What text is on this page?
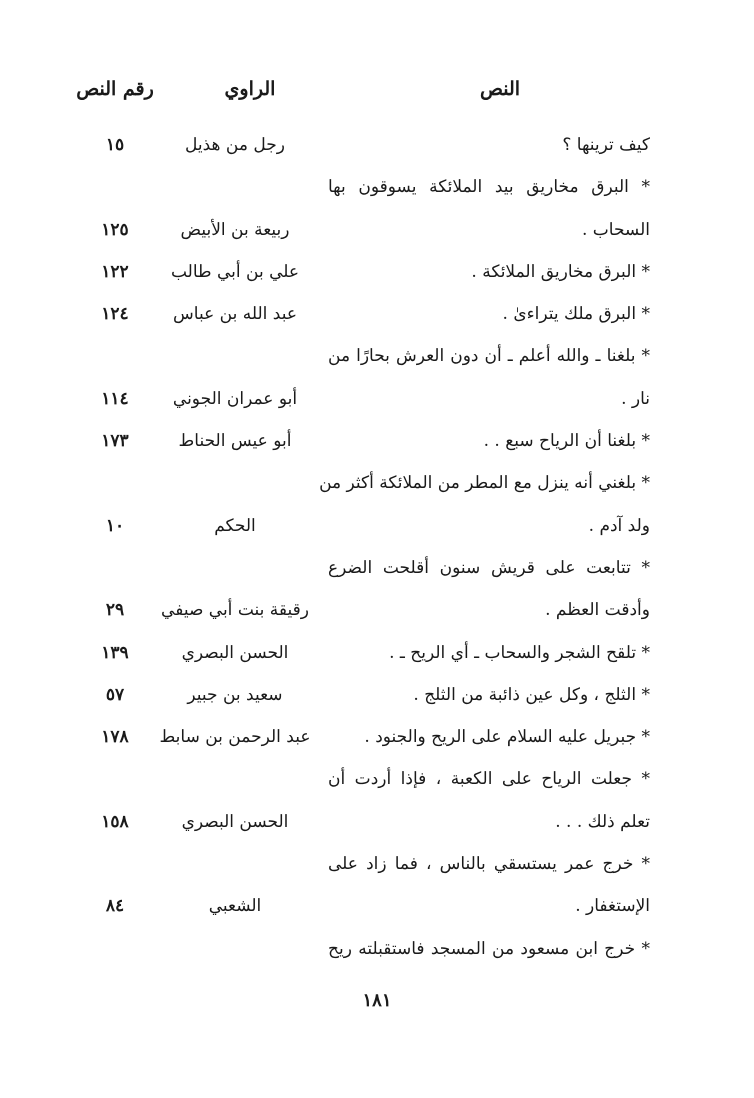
النص
الراوي
رقم النص
كيف ترينها ؟
رجل من هذيل
١٥
* البرق مخاريق بيد الملائكة يسوقون بها
السحاب .
ربيعة بن الأبيض
١٢٥
* البرق مخاريق الملائكة .
علي بن أبي طالب
١٢٢
* البرق ملك يتراءىٰ .
عبد الله بن عباس
١٢٤
* بلغنا ـ والله أعلم ـ أن دون العرش بحارًا من
نار .
أبو عمران الجوني
١١٤
* بلغنا أن الرياح سبع . .
أبو عيس الحناط
١٧٣
* بلغني أنه ينزل مع المطر من الملائكة أكثر من
ولد آدم .
الحكم
١٠
* تتابعت على قريش سنون أقلحت الضرع
وأدقت العظم .
رقيقة بنت أبي صيفي
٢٩
* تلقح الشجر والسحاب ـ أي الريح ـ .
الحسن البصري
١٣٩
* الثلج ، وكل عين ذائبة من الثلج .
سعيد بن جبير
٥٧
* جبريل عليه السلام على الريح والجنود .
عبد الرحمن بن سابط
١٧٨
* جعلت الرياح على الكعبة ، فإذا أردت أن
تعلم ذلك . . .
الحسن البصري
١٥٨
* خرج عمر يستسقي بالناس ، فما زاد على
الإستغفار .
الشعبي
٨٤
* خرج ابن مسعود من المسجد فاستقبلته ريح
١٨١
